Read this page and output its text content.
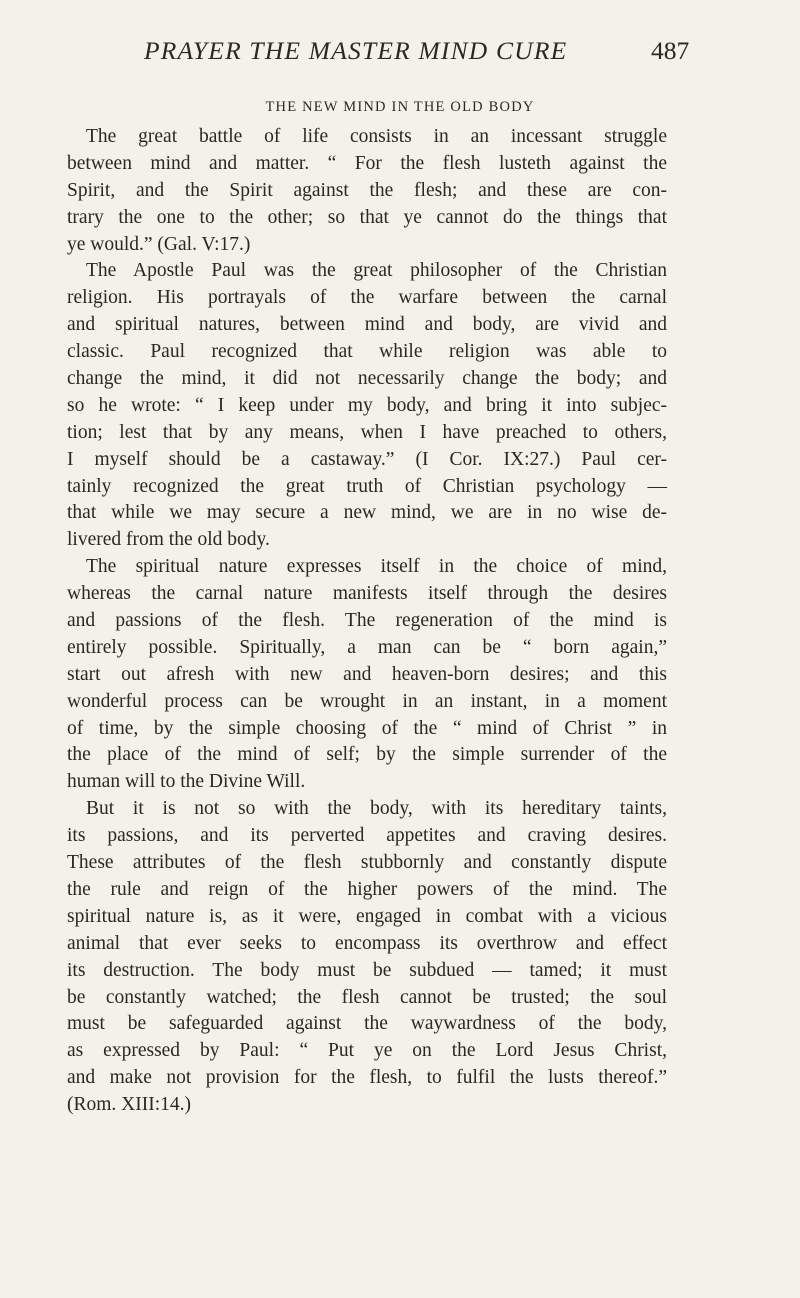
PRAYER THE MASTER MIND CURE	487
THE NEW MIND IN THE OLD BODY
The great battle of life consists in an incessant struggle
between mind and matter. “ For the flesh lusteth against the
Spirit, and the Spirit against the flesh; and these are con-
trary the one to the other; so that ye cannot do the things that
ye would.” (Gal. V:17.)
The Apostle Paul was the great philosopher of the Christian
religion. His portrayals of the warfare between the carnal
and spiritual natures, between mind and body, are vivid and
classic. Paul recognized that while religion was able to
change the mind, it did not necessarily change the body; and
so he wrote: “ I keep under my body, and bring it into subjec-
tion; lest that by any means, when I have preached to others,
I myself should be a castaway.” (I Cor. IX:27.) Paul cer-
tainly recognized the great truth of Christian psychology —
that while we may secure a new mind, we are in no wise de-
livered from the old body.
The spiritual nature expresses itself in the choice of mind,
whereas the carnal nature manifests itself through the desires
and passions of the flesh. The regeneration of the mind is
entirely possible. Spiritually, a man can be “ born again,”
start out afresh with new and heaven-born desires; and this
wonderful process can be wrought in an instant, in a moment
of time, by the simple choosing of the “ mind of Christ ” in
the place of the mind of self; by the simple surrender of the
human will to the Divine Will.
But it is not so with the body, with its hereditary taints,
its passions, and its perverted appetites and craving desires.
These attributes of the flesh stubbornly and constantly dispute
the rule and reign of the higher powers of the mind. The
spiritual nature is, as it were, engaged in combat with a vicious
animal that ever seeks to encompass its overthrow and effect
its destruction. The body must be subdued — tamed; it must
be constantly watched; the flesh cannot be trusted; the soul
must be safeguarded against the waywardness of the body,
as expressed by Paul: “ Put ye on the Lord Jesus Christ,
and make not provision for the flesh, to fulfil the lusts thereof.”
(Rom. XIII:14.)
